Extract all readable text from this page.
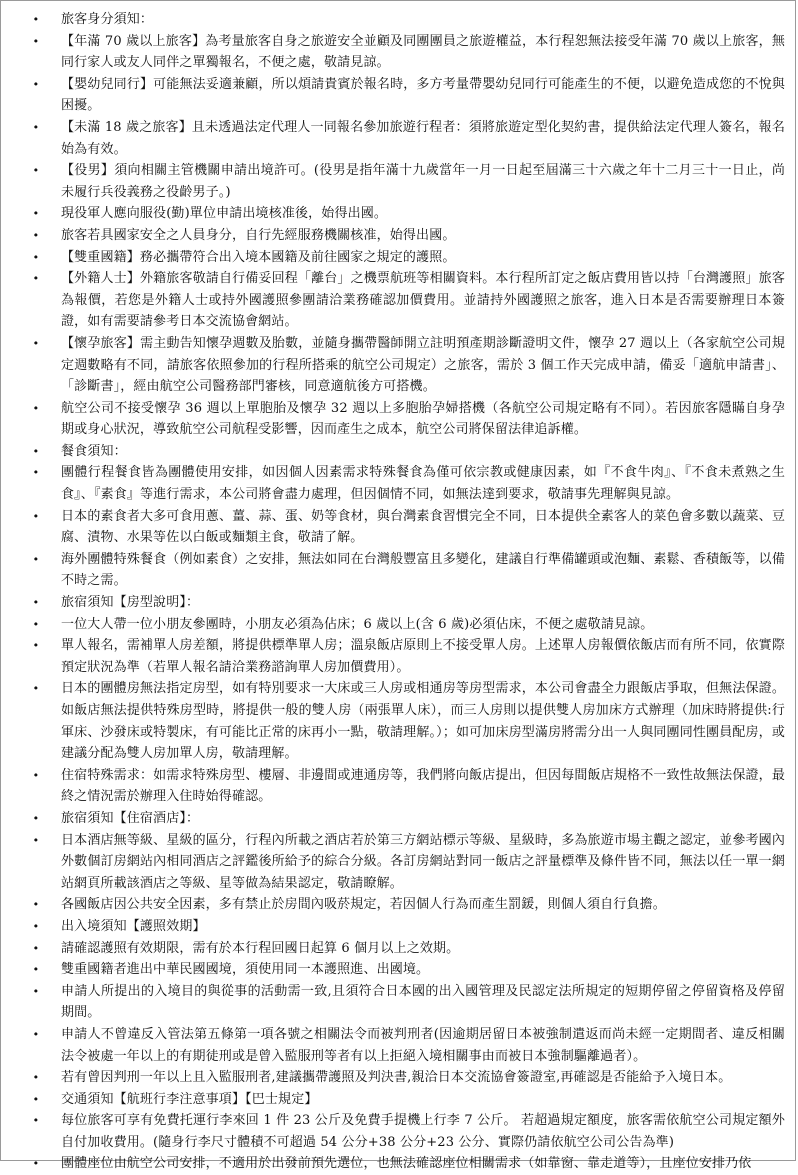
• 旅客身分須知：
• 【年滿 70 歲以上旅客】為考量旅客自身之旅遊安全並顧及同團團員之旅遊權益，本行程恕無法接受年滿 70 歲以上旅客，無同行家人或友人同伴之單獨報名，不便之處，敬請見諒。
• 【嬰幼兒同行】可能無法妥適兼顧，所以煩請貴賓於報名時，多方考量帶嬰幼兒同行可能產生的不便，以避免造成您的不悅與困擾。
• 【未滿 18 歲之旅客】且未透過法定代理人一同報名參加旅遊行程者：須將旅遊定型化契約書，提供給法定代理人簽名，報名始為有效。
• 【役男】須向相關主管機關申請出境許可。(役男是指年滿十九歲當年一月一日起至屆滿三十六歲之年十二月三十一日止，尚未履行兵役義務之役齡男子。)
• 現役軍人應向服役(勤)單位申請出境核准後，始得出國。
• 旅客若具國家安全之人員身分，自行先經服務機關核准，始得出國。
• 【雙重國籍】務必攜帶符合出入境本國籍及前往國家之規定的護照。
• 【外籍人士】外籍旅客敬請自行備妥回程「離台」之機票航班等相關資料。本行程所訂定之飯店費用皆以持「台灣護照」旅客為報價，若您是外籍人士或持外國護照參團請洽業務確認加價費用。並請持外國護照之旅客，進入日本是否需要辦理日本簽證，如有需要請參考日本交流協會網站。
• 【懷孕旅客】需主動告知懷孕週數及胎數，並隨身攜帶醫師開立註明預產期診斷證明文件，懷孕 27 週以上（各家航空公司規定週數略有不同，請旅客依照參加的行程所搭乘的航空公司規定）之旅客，需於 3 個工作天完成申請，備妥「適航申請書」、「診斷書」，經由航空公司醫務部門審核，同意適航後方可搭機。
• 航空公司不接受懷孕 36 週以上單胞胎及懷孕 32 週以上多胞胎孕婦搭機（各航空公司規定略有不同）。若因旅客隱瞞自身孕期或身心狀況，導致航空公司航程受影響，因而產生之成本，航空公司將保留法律追訴權。
• 餐食須知：
• 團體行程餐食皆為團體使用安排，如因個人因素需求特殊餐食為僅可依宗教或健康因素，如『不食牛肉』、『不食未煮熟之生食』、『素食』等進行需求，本公司將會盡力處理，但因個情不同，如無法達到要求，敬請事先理解與見諒。
• 日本的素食者大多可食用蔥、薑、蒜、蛋、奶等食材，與台灣素食習慣完全不同，日本提供全素客人的菜色會多數以蔬菜、豆腐、漬物、水果等佐以白飯或麵類主食，敬請了解。
• 海外團體特殊餐食（例如素食）之安排，無法如同在台灣般豐富且多變化，建議自行準備罐頭或泡麵、素鬆、香積飯等，以備不時之需。
• 旅宿須知【房型說明】：
• 一位大人帶一位小朋友參團時，小朋友必須為佔床；6 歲以上(含 6 歲)必須佔床，不便之處敬請見諒。
• 單人報名，需補單人房差額，將提供標準單人房；溫泉飯店原則上不接受單人房。上述單人房報價依飯店而有所不同，依實際預定狀況為準（若單人報名請洽業務諮詢單人房加價費用）。
• 日本的團體房無法指定房型，如有特別要求一大床或三人房或相通房等房型需求，本公司會盡全力跟飯店爭取，但無法保證。如飯店無法提供特殊房型時，將提供一般的雙人房（兩張單人床），而三人房則以提供雙人房加床方式辦理（加床時將提供:行軍床、沙發床或特製床，有可能比正常的床再小一點，敬請理解。）；如可加床房型滿房將需分出一人與同團同性團員配房，或建議分配為雙人房加單人房，敬請理解。
• 住宿特殊需求：如需求特殊房型、樓層、非邊間或連通房等，我們將向飯店提出，但因每間飯店規格不一致性故無法保證，最終之情況需於辦理入住時始得確認。
• 旅宿須知【住宿酒店】：
• 日本酒店無等級、星級的區分，行程內所載之酒店若於第三方網站標示等級、星級時，多為旅遊市場主觀之認定，並參考國內外數個訂房網站內相同酒店之評鑑後所給予的綜合分級。各訂房網站對同一飯店之評量標準及條件皆不同，無法以任一單一網站網頁所載該酒店之等級、星等做為結果認定，敬請瞭解。
• 各國飯店因公共安全因素，多有禁止於房間內吸菸規定，若因個人行為而產生罰鍰，則個人須自行負擔。
• 出入境須知【護照效期】
• 請確認護照有效期限，需有於本行程回國日起算 6 個月以上之效期。
• 雙重國籍者進出中華民國國境，須使用同一本護照進、出國境。
• 申請人所提出的入境目的與從事的活動需一致,且須符合日本國的出入國管理及民認定法所規定的短期停留之停留資格及停留期間。
• 申請人不曾違反入管法第五條第一項各號之相關法令而被判刑者(因逾期居留日本被強制遣返而尚未經一定期間者、違反相關法令被處一年以上的有期徒刑或是曾入監服刑等者有以上拒絕入境相關事由而被日本強制驅離過者）。
• 若有曾因判刑一年以上且入監服刑者,建議攜帶護照及判決書,親洽日本交流協會簽證室,再確認是否能給予入境日本。
• 交通須知【航班行李注意事項】【巴士規定】
• 每位旅客可享有免費托運行李來回 1 件 23 公斤及免費手提機上行李 7 公斤。 若超過規定額度，旅客需依航空公司規定額外自付加收費用。(隨身行李尺寸體積不可超過 54 公分+38 公分+23 公分、實際仍請依航空公司公告為準)
• 團體座位由航空公司安排，不適用於出發前預先選位，也無法確認座位相關需求（如靠窗、靠走道等），且座位安排乃依
